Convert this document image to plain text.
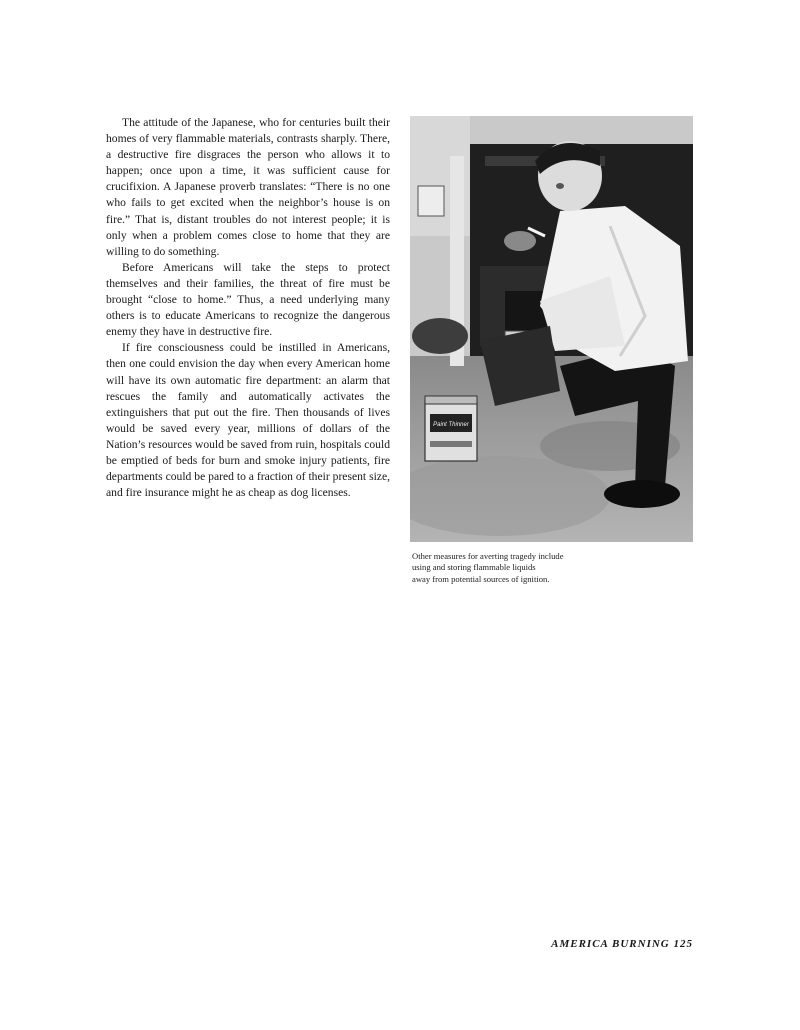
The attitude of the Japanese, who for centuries built their homes of very flammable materials, contrasts sharply. There, a destructive fire disgraces the person who allows it to happen; once upon a time, it was sufficient cause for crucifixion. A Japanese proverb translates: “There is no one who fails to get excited when the neighbor’s house is on fire.” That is, distant troubles do not interest people; it is only when a problem comes close to home that they are willing to do something.

Before Americans will take the steps to protect themselves and their families, the threat of fire must be brought “close to home.” Thus, a need underlying many others is to educate Americans to recognize the dangerous enemy they have in destructive fire.

If fire consciousness could be instilled in Americans, then one could envision the day when every American home will have its own automatic fire department: an alarm that rescues the family and automatically activates the extinguishers that put out the fire. Then thousands of lives would be saved every year, millions of dollars of the Nation’s resources would be saved from ruin, hospitals could be emptied of beds for burn and smoke injury patients, fire departments could be pared to a fraction of their present size, and fire insurance might he as cheap as dog licenses.

Paint Thinner
Other measures for averting tragedy include
using and storing flammable liquids
away from potential sources of ignition.
AMERICA BURNING 125
